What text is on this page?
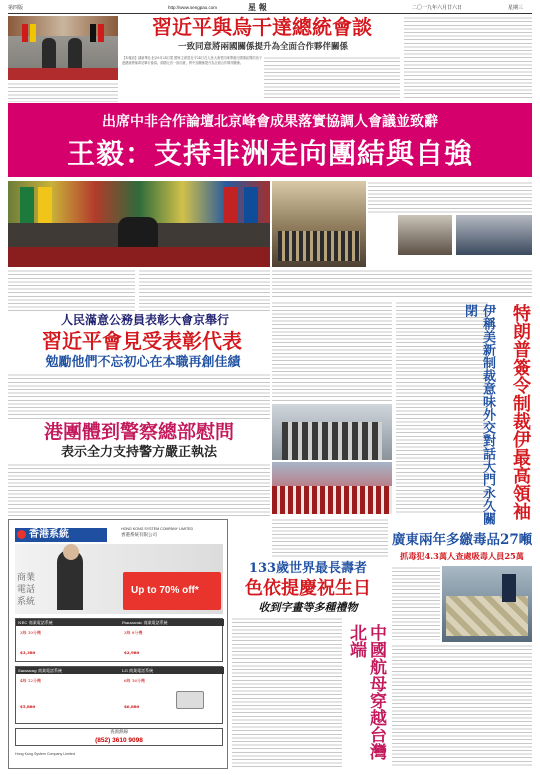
第四版	http://www.sengpao.com	星 報	二〇一九年六月廿六日	星期三
習近平與烏干達總統會談
一致同意將兩國關係提升為全面合作夥伴關係
【本報訊】據新華社北京6月24日電 國家主席習近平24日在人民大會堂同來華進行國事訪問的烏干達總統穆塞韋尼舉行會談。兩國元首一致同意，將中烏關係提升為全面合作夥伴關係。
出席中非合作論壇北京峰會成果落實協調人會議並致辭
王毅：支持非洲走向團結與自強
人民滿意公務員表彰大會京舉行
習近平會見受表彰代表
勉勵他們不忘初心在本職再創佳績
港團體到警察總部慰問
表示全力支持警方嚴正執法	特朗普簽令制裁伊最高領袖
伊稱美新制裁意味外交對話大門永久關閉
廣東兩年多繳毒品27噸
抓毒犯4.3萬人查處吸毒人員25萬
133歲世界最長壽者
色依提慶祝生日
收到字畫等多種禮物
中國航母穿越台灣北端
香港系統	HONG KONG SYSTEM COMPANY LIMITED
香港系統有限公司
商業電話系統
Up to 70% off*
NEC 商業電話系統	Panasonic 商業電話系統
3線 10分機	3線 8分機
$3,380	$2,980
Samsung 商業電話系統	LG 商業電話系統
4線 12分機	6線 16分機
$5,880	$6,880
查詢熱線
(852) 3610 9098
Hong Kong System Company Limited
